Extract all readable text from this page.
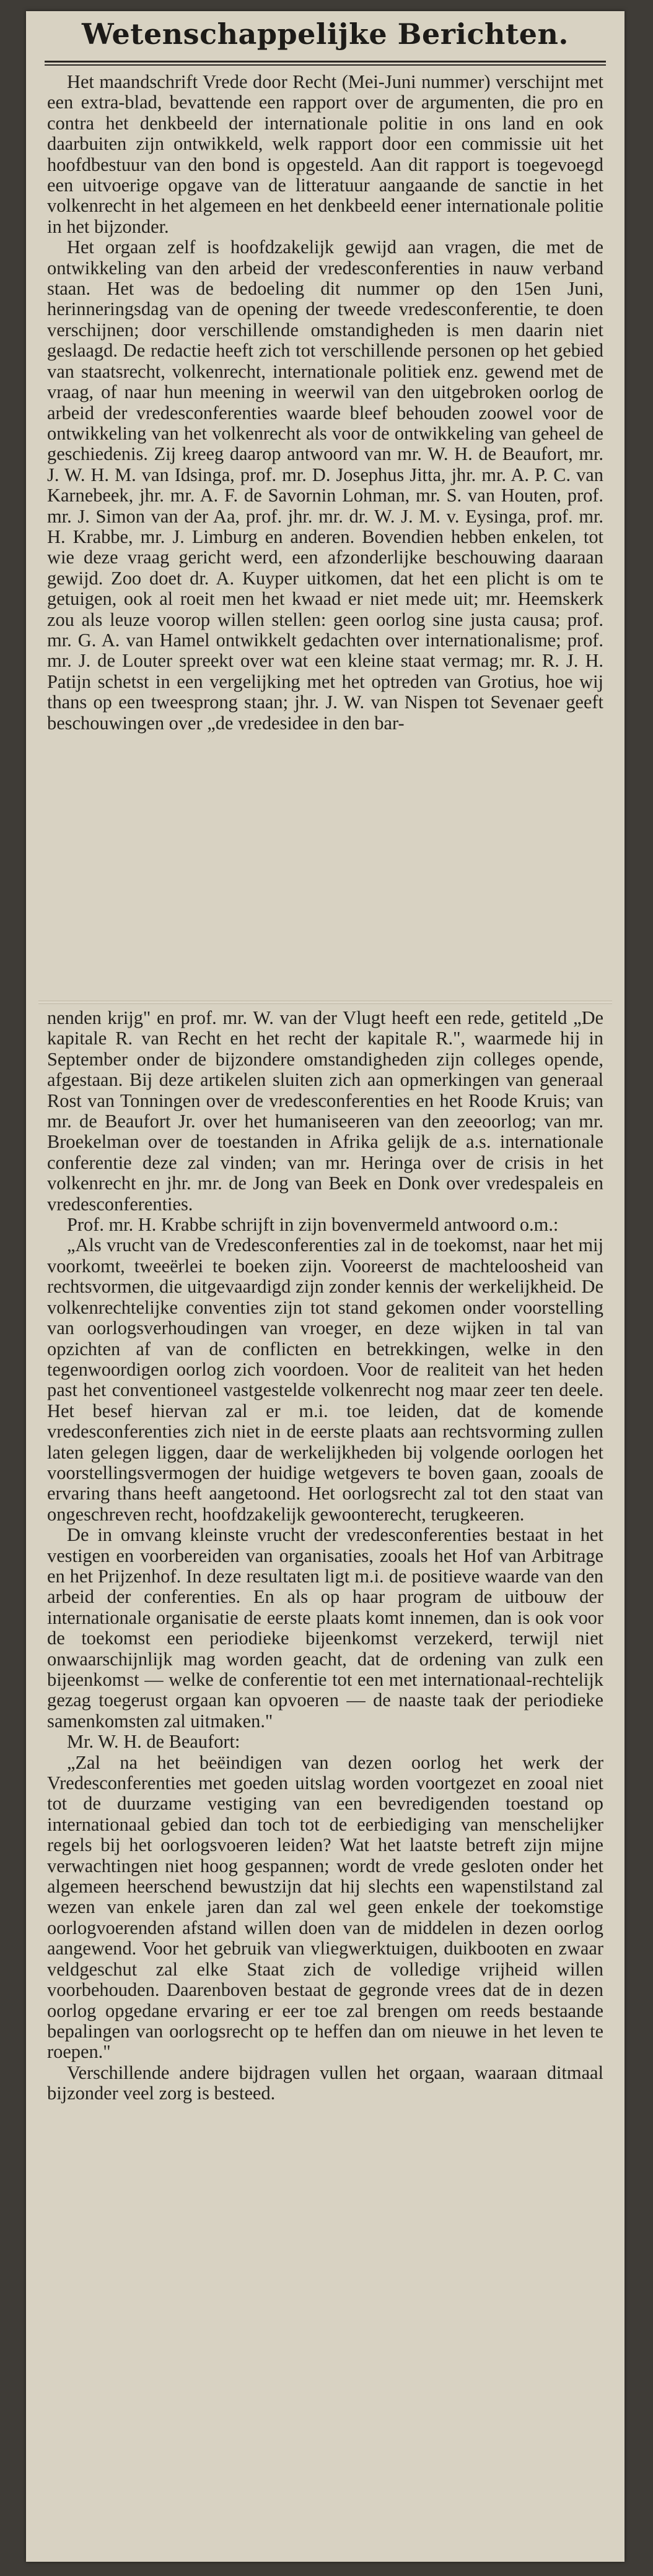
Wetenschappelijke Berichten.

Het maandschrift Vrede door Recht (Mei-Juni nummer) verschijnt met een extra-blad, bevattende een rapport over de argumenten, die pro en contra het denkbeeld der internationale politie in ons land en ook daarbuiten zijn ontwikkeld, welk rapport door een commissie uit het hoofdbestuur van den bond is opgesteld. Aan dit rapport is toegevoegd een uitvoerige opgave van de litteratuur aangaande de sanctie in het volkenrecht in het algemeen en het denkbeeld eener internationale politie in het bijzonder.

Het orgaan zelf is hoofdzakelijk gewijd aan vragen, die met de ontwikkeling van den arbeid der vredesconferenties in nauw verband staan. Het was de bedoeling dit nummer op den 15en Juni, herinneringsdag van de opening der tweede vredesconferentie, te doen verschijnen; door verschillende omstandigheden is men daarin niet geslaagd. De redactie heeft zich tot verschillende personen op het gebied van staatsrecht, volkenrecht, internationale politiek enz. gewend met de vraag, of naar hun meening in weerwil van den uitgebroken oorlog de arbeid der vredesconferenties waarde bleef behouden zoowel voor de ontwikkeling van het volkenrecht als voor de ontwikkeling van geheel de geschiedenis. Zij kreeg daarop antwoord van mr. W. H. de Beaufort, mr. J. W. H. M. van Idsinga, prof. mr. D. Josephus Jitta, jhr. mr. A. P. C. van Karnebeek, jhr. mr. A. F. de Savornin Lohman, mr. S. van Houten, prof. mr. J. Simon van der Aa, prof. jhr. mr. dr. W. J. M. v. Eysinga, prof. mr. H. Krabbe, mr. J. Limburg en anderen. Bovendien hebben enkelen, tot wie deze vraag gericht werd, een afzonderlijke beschouwing daaraan gewijd. Zoo doet dr. A. Kuyper uitkomen, dat het een plicht is om te getuigen, ook al roeit men het kwaad er niet mede uit; mr. Heemskerk zou als leuze voorop willen stellen: geen oorlog sine justa causa; prof. mr. G. A. van Hamel ontwikkelt gedachten over internationalisme; prof. mr. J. de Louter spreekt over wat een kleine staat vermag; mr. R. J. H. Patijn schetst in een vergelijking met het optreden van Grotius, hoe wij thans op een tweesprong staan; jhr. J. W. van Nispen tot Sevenaer geeft beschouwingen over „de vredesidee in den bar-

nenden krijg" en prof. mr. W. van der Vlugt heeft een rede, getiteld „De kapitale R. van Recht en het recht der kapitale R.", waarmede hij in September onder de bijzondere omstandigheden zijn colleges opende, afgestaan. Bij deze artikelen sluiten zich aan opmerkingen van generaal Rost van Tonningen over de vredesconferenties en het Roode Kruis; van mr. de Beaufort Jr. over het humaniseeren van den zeeoorlog; van mr. Broekelman over de toestanden in Afrika gelijk de a.s. internationale conferentie deze zal vinden; van mr. Heringa over de crisis in het volkenrecht en jhr. mr. de Jong van Beek en Donk over vredespaleis en vredesconferenties.

Prof. mr. H. Krabbe schrijft in zijn bovenvermeld antwoord o.m.:

„Als vrucht van de Vredesconferenties zal in de toekomst, naar het mij voorkomt, tweeërlei te boeken zijn. Vooreerst de machteloosheid van rechtsvormen, die uitgevaardigd zijn zonder kennis der werkelijkheid. De volkenrechtelijke conventies zijn tot stand gekomen onder voorstelling van oorlogsverhoudingen van vroeger, en deze wijken in tal van opzichten af van de conflicten en betrekkingen, welke in den tegenwoordigen oorlog zich voordoen. Voor de realiteit van het heden past het conventioneel vastgestelde volkenrecht nog maar zeer ten deele. Het besef hiervan zal er m.i. toe leiden, dat de komende vredesconferenties zich niet in de eerste plaats aan rechtsvorming zullen laten gelegen liggen, daar de werkelijkheden bij volgende oorlogen het voorstellingsvermogen der huidige wetgevers te boven gaan, zooals de ervaring thans heeft aangetoond. Het oorlogsrecht zal tot den staat van ongeschreven recht, hoofdzakelijk gewoonterecht, terugkeeren.

De in omvang kleinste vrucht der vredesconferenties bestaat in het vestigen en voorbereiden van organisaties, zooals het Hof van Arbitrage en het Prijzenhof. In deze resultaten ligt m.i. de positieve waarde van den arbeid der conferenties. En als op haar program de uitbouw der internationale organisatie de eerste plaats komt innemen, dan is ook voor de toekomst een periodieke bijeenkomst verzekerd, terwijl niet onwaarschijnlijk mag worden geacht, dat de ordening van zulk een bijeenkomst — welke de conferentie tot een met internationaal-rechtelijk gezag toegerust orgaan kan opvoeren — de naaste taak der periodieke samenkomsten zal uitmaken."

Mr. W. H. de Beaufort:

„Zal na het beëindigen van dezen oorlog het werk der Vredesconferenties met goeden uitslag worden voortgezet en zooal niet tot de duurzame vestiging van een bevredigenden toestand op internationaal gebied dan toch tot de eerbiediging van menschelijker regels bij het oorlogsvoeren leiden? Wat het laatste betreft zijn mijne verwachtingen niet hoog gespannen; wordt de vrede gesloten onder het algemeen heerschend bewustzijn dat hij slechts een wapenstilstand zal wezen van enkele jaren dan zal wel geen enkele der toekomstige oorlogvoerenden afstand willen doen van de middelen in dezen oorlog aangewend. Voor het gebruik van vliegwerktuigen, duikbooten en zwaar veldgeschut zal elke Staat zich de volledige vrijheid willen voorbehouden. Daarenboven bestaat de gegronde vrees dat de in dezen oorlog opgedane ervaring er eer toe zal brengen om reeds bestaande bepalingen van oorlogsrecht op te heffen dan om nieuwe in het leven te roepen."

Verschillende andere bijdragen vullen het orgaan, waaraan ditmaal bijzonder veel zorg is besteed.
